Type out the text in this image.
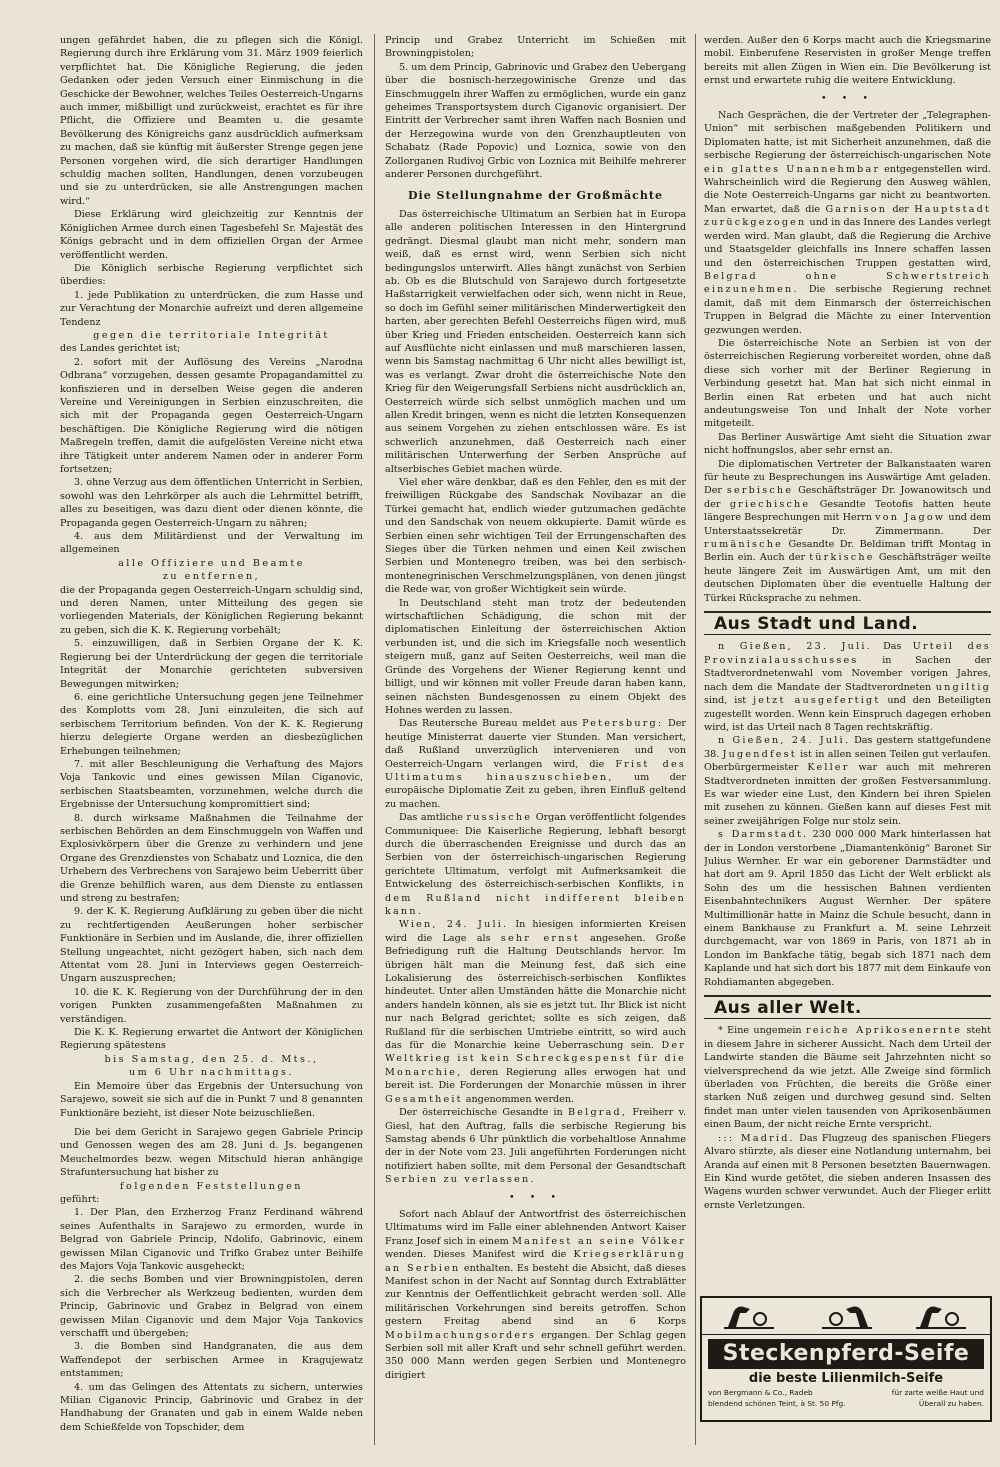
ungen gefährdet haben, die zu pflegen sich die Königl. Regierung durch ihre Erklärung vom 31. März 1909 feierlich verpflichtet hat. Die Königliche Regierung, die jeden Gedanken oder jeden Versuch einer Einmischung in die Geschicke der Bewohner, welches Teiles Oesterreich-Ungarns auch immer, mißbilligt und zurückweist, erachtet es für ihre Pflicht, die Offiziere und Beamten u. die gesamte Bevölkerung des Königreichs ganz ausdrücklich aufmerksam zu machen, daß sie künftig mit äußerster Strenge gegen jene Personen vorgehen wird, die sich derartiger Handlungen schuldig machen sollten, Handlungen, denen vorzubeugen und sie zu unterdrücken, sie alle Anstrengungen machen wird.“

Diese Erklärung wird gleichzeitig zur Kenntnis der Königlichen Armee durch einen Tagesbefehl Sr. Majestät des Königs gebracht und in dem offiziellen Organ der Armee veröffentlicht werden.

Die Königlich serbische Regierung verpflichtet sich überdies:

1. jede Publikation zu unterdrücken, die zum Hasse und zur Verachtung der Monarchie aufreizt und deren allgemeine Tendenz

gegen die territoriale Integrität

des Landes gerichtet ist;

2. sofort mit der Auflösung des Vereins „Narodna Odbrana“ vorzugehen, dessen gesamte Propagandamittel zu konfiszieren und in derselben Weise gegen die anderen Vereine und Vereinigungen in Serbien einzuschreiten, die sich mit der Propaganda gegen Oesterreich-Ungarn beschäftigen. Die Königliche Regierung wird die nötigen Maßregeln treffen, damit die aufgelösten Vereine nicht etwa ihre Tätigkeit unter anderem Namen oder in anderer Form fortsetzen;

3. ohne Verzug aus dem öffentlichen Unterricht in Serbien, sowohl was den Lehrkörper als auch die Lehrmittel betrifft, alles zu beseitigen, was dazu dient oder dienen könnte, die Propaganda gegen Oesterreich-Ungarn zu nähren;

4. aus dem Militärdienst und der Verwaltung im allgemeinen

alle Offiziere und Beamte

zu entfernen,

die der Propaganda gegen Oesterreich-Ungarn schuldig sind, und deren Namen, unter Mitteilung des gegen sie vorliegenden Materials, der Königlichen Regierung bekannt zu geben, sich die K. K. Regierung vorbehält;

5. einzuwilligen, daß in Serbien Organe der K. K. Regierung bei der Unterdrückung der gegen die territoriale Integrität der Monarchie gerichteten subversiven Bewegungen mitwirken;

6. eine gerichtliche Untersuchung gegen jene Teilnehmer des Komplotts vom 28. Juni einzuleiten, die sich auf serbischem Territorium befinden. Von der K. K. Regierung hierzu delegierte Organe werden an diesbezüglichen Erhebungen teilnehmen;

7. mit aller Beschleunigung die Verhaftung des Majors Voja Tankovic und eines gewissen Milan Ciganovic, serbischen Staatsbeamten, vorzunehmen, welche durch die Ergebnisse der Untersuchung kompromittiert sind;

8. durch wirksame Maßnahmen die Teilnahme der serbischen Behörden an dem Einschmuggeln von Waffen und Explosivkörpern über die Grenze zu verhindern und jene Organe des Grenzdienstes von Schabatz und Loznica, die den Urhebern des Verbrechens von Sarajewo beim Ueberritt über die Grenze behilflich waren, aus dem Dienste zu entlassen und streng zu bestrafen;

9. der K. K. Regierung Aufklärung zu geben über die nicht zu rechtfertigenden Aeußerungen hoher serbischer Funktionäre in Serbien und im Auslande, die, ihrer offiziellen Stellung ungeachtet, nicht gezögert haben, sich nach dem Attentat vom 28. Juni in Interviews gegen Oesterreich-Ungarn auszusprechen;

10. die K. K. Regierung von der Durchführung der in den vorigen Punkten zusammengefaßten Maßnahmen zu verständigen.

Die K. K. Regierung erwartet die Antwort der Königlichen Regierung spätestens

bis Samstag, den 25. d. Mts.,

um 6 Uhr nachmittags.

Ein Memoire über das Ergebnis der Untersuchung von Sarajewo, soweit sie sich auf die in Punkt 7 und 8 genannten Funktionäre bezieht, ist dieser Note beizuschließen.

Die bei dem Gericht in Sarajewo gegen Gabriele Princip und Genossen wegen des am 28. Juni d. Js. begangenen Meuchelmordes bezw. wegen Mitschuld hieran anhängige Strafuntersuchung hat bisher zu

folgenden Feststellungen

geführt:

1. Der Plan, den Erzherzog Franz Ferdinand während seines Aufenthalts in Sarajewo zu ermorden, wurde in Belgrad von Gabriele Princip, Ndolifo, Gabrinovic, einem gewissen Milan Ciganovic und Trifko Grabez unter Beihilfe des Majors Voja Tankovic ausgeheckt;

2. die sechs Bomben und vier Browningpistolen, deren sich die Verbrecher als Werkzeug bedienten, wurden dem Princip, Gabrinovic und Grabez in Belgrad von einem gewissen Milan Ciganovic und dem Major Voja Tankovics verschafft und übergeben;

3. die Bomben sind Handgranaten, die aus dem Waffendepot der serbischen Armee in Kragujewatz entstammen;

4. um das Gelingen des Attentats zu sichern, unterwies Milian Ciganovic Princip, Gabrinovic und Grabez in der Handhabung der Granaten und gab in einem Walde neben dem Schießfelde von Topschider, dem

Princip und Grabez Unterricht im Schießen mit Browningpistolen;

5. um dem Princip, Gabrinovic und Grabez den Uebergang über die bosnisch-herzegowinische Grenze und das Einschmuggeln ihrer Waffen zu ermöglichen, wurde ein ganz geheimes Transportsystem durch Ciganovic organisiert. Der Eintritt der Verbrecher samt ihren Waffen nach Bosnien und der Herzegowina wurde von den Grenzhauptleuten von Schabatz (Rade Popovic) und Loznica, sowie von den Zollorganen Rudivoj Grbic von Loznica mit Beihilfe mehrerer anderer Personen durchgeführt.

Die Stellungnahme der Großmächte

Das österreichische Ultimatum an Serbien hat in Europa alle anderen politischen Interessen in den Hintergrund gedrängt. Diesmal glaubt man nicht mehr, sondern man weiß, daß es ernst wird, wenn Serbien sich nicht bedingungslos unterwirft. Alles hängt zunächst von Serbien ab. Ob es die Blutschuld von Sarajewo durch fortgesetzte Haßstarrigkeit verwielfachen oder sich, wenn nicht in Reue, so doch im Gefühl seiner militärischen Minderwertigkeit den harten, aber gerechten Befehl Oesterreichs fügen wird, muß über Krieg und Frieden entscheiden. Oesterreich kann sich auf Ausflüchte nicht einlassen und muß marschieren lassen, wenn bis Samstag nachmittag 6 Uhr nicht alles bewilligt ist, was es verlangt. Zwar droht die österreichische Note den Krieg für den Weigerungsfall Serbiens nicht ausdrücklich an, Oesterreich würde sich selbst unmöglich machen und um allen Kredit bringen, wenn es nicht die letzten Konsequenzen aus seinem Vorgehen zu ziehen entschlossen wäre. Es ist schwerlich anzunehmen, daß Oesterreich nach einer militärischen Unterwerfung der Serben Ansprüche auf altserbisches Gebiet machen würde.

Viel eher wäre denkbar, daß es den Fehler, den es mit der freiwilligen Rückgabe des Sandschak Novibazar an die Türkei gemacht hat, endlich wieder gutzumachen gedächte und den Sandschak von neuem okkupierte. Damit würde es Serbien einen sehr wichtigen Teil der Errungenschaften des Sieges über die Türken nehmen und einen Keil zwischen Serbien und Montenegro treiben, was bei den serbisch-montenegrinischen Verschmelzungsplänen, von denen jüngst die Rede war, von großer Wichtigkeit sein würde.

In Deutschland steht man trotz der bedeutenden wirtschaftlichen Schädigung, die schon mit der diplomatischen Einleitung der österreichischen Aktion verbunden ist, und die sich im Kriegsfalle noch wesentlich steigern muß, ganz auf Seiten Oesterreichs, weil man die Gründe des Vorgehens der Wiener Regierung kennt und billigt, und wir können mit voller Freude daran haben kann, seinen nächsten Bundesgenossen zu einem Objekt des Hohnes werden zu lassen.

Das Reutersche Bureau meldet aus Petersburg: Der heutige Ministerrat dauerte vier Stunden. Man versichert, daß Rußland unverzüglich intervenieren und von Oesterreich-Ungarn verlangen wird, die Frist des Ultimatums hinauszuschieben, um der europäische Diplomatie Zeit zu geben, ihren Einfluß geltend zu machen.

Das amtliche russische Organ veröffentlicht folgendes Communiquee: Die Kaiserliche Regierung, lebhaft besorgt durch die überraschenden Ereignisse und durch das an Serbien von der österreichisch-ungarischen Regierung gerichtete Ultimatum, verfolgt mit Aufmerksamkeit die Entwickelung des österreichisch-serbischen Konflikts, in dem Rußland nicht indifferent bleiben kann.

Wien, 24. Juli. In hiesigen informierten Kreisen wird die Lage als sehr ernst angesehen. Große Befriedigung ruft die Haltung Deutschlands hervor. Im übrigen hält man die Meinung fest, daß sich eine Lokalisierung des österreichisch-serbischen Konfliktes hindeutet. Unter allen Umständen hätte die Monarchie nicht anders handeln können, als sie es jetzt tut. Ihr Blick ist nicht nur nach Belgrad gerichtet; sollte es sich zeigen, daß Rußland für die serbischen Umtriebe eintritt, so wird auch das für die Monarchie keine Ueberraschung sein. Der Weltkrieg ist kein Schreckgespenst für die Monarchie, deren Regierung alles erwogen hat und bereit ist. Die Forderungen der Monarchie müssen in ihrer Gesamtheit angenommen werden.

Der österreichische Gesandte in Belgrad, Freiherr v. Giesl, hat den Auftrag, falls die serbische Regierung bis Samstag abends 6 Uhr pünktlich die vorbehaltlose Annahme der in der Note vom 23. Juli angeführten Forderungen nicht notifiziert haben sollte, mit dem Personal der Gesandtschaft Serbien zu verlassen.

• • •

Sofort nach Ablauf der Antwortfrist des österreichischen Ultimatums wird im Falle einer ablehnenden Antwort Kaiser Franz Josef sich in einem Manifest an seine Völker wenden. Dieses Manifest wird die Kriegserklärung an Serbien enthalten. Es besteht die Absicht, daß dieses Manifest schon in der Nacht auf Sonntag durch Extrablätter zur Kenntnis der Oeffentlichkeit gebracht werden soll. Alle militärischen Vorkehrungen sind bereits getroffen. Schon gestern Freitag abend sind an 6 Korps Mobilmachungsorders ergangen. Der Schlag gegen Serbien soll mit aller Kraft und sehr schnell geführt werden. 350 000 Mann werden gegen Serbien und Montenegro dirigiert

werden. Außer den 6 Korps macht auch die Kriegsmarine mobil. Einberufene Reservisten in großer Menge treffen bereits mit allen Zügen in Wien ein. Die Bevölkerung ist ernst und erwartete ruhig die weitere Entwicklung.

• • •

Nach Gesprächen, die der Vertreter der „Telegraphen-Union“ mit serbischen maßgebenden Politikern und Diplomaten hatte, ist mit Sicherheit anzunehmen, daß die serbische Regierung der österreichisch-ungarischen Note ein glattes Unannehmbar entgegenstellen wird. Wahrscheinlich wird die Regierung den Ausweg wählen, die Note Oesterreich-Ungarns gar nicht zu beantworten. Man erwartet, daß die Garnison der Hauptstadt zurückgezogen und in das Innere des Landes verlegt werden wird. Man glaubt, daß die Regierung die Archive und Staatsgelder gleichfalls ins Innere schaffen lassen und den österreichischen Truppen gestatten wird, Belgrad ohne Schwertstreich einzunehmen. Die serbische Regierung rechnet damit, daß mit dem Einmarsch der österreichischen Truppen in Belgrad die Mächte zu einer Intervention gezwungen werden.

Die österreichische Note an Serbien ist von der österreichischen Regierung vorbereitet worden, ohne daß diese sich vorher mit der Berliner Regierung in Verbindung gesetzt hat. Man hat sich nicht einmal in Berlin einen Rat erbeten und hat auch nicht andeutungsweise Ton und Inhalt der Note vorher mitgeteilt.

Das Berliner Auswärtige Amt sieht die Situation zwar nicht hoffnungslos, aber sehr ernst an.

Die diplomatischen Vertreter der Balkanstaaten waren für heute zu Besprechungen ins Auswärtige Amt geladen. Der serbische Geschäftsträger Dr. Jowanowitsch und der griechische Gesandte Teotofis hatten heute längere Besprechungen mit Herrn von Jagow und dem Unterstaatssekretär Dr. Zimmermann. Der rumänische Gesandte Dr. Beldiman trifft Montag in Berlin ein. Auch der türkische Geschäftsträger weilte heute längere Zeit im Auswärtigen Amt, um mit den deutschen Diplomaten über die eventuelle Haltung der Türkei Rücksprache zu nehmen.

Aus Stadt und Land.

n Gießen, 23. Juli. Das Urteil des Provinzialausschusses in Sachen der Stadtverordnetenwahl vom November vorigen Jahres, nach dem die Mandate der Stadtverordneten ungiltig sind, ist jetzt ausgefertigt und den Beteiligten zugestellt worden. Wenn kein Einspruch dagegen erhoben wird, ist das Urteil nach 8 Tagen rechtskräftig.

n Gießen, 24. Juli. Das gestern stattgefundene 38. Jugendfest ist in allen seinen Teilen gut verlaufen. Oberbürgermeister Keller war auch mit mehreren Stadtverordneten inmitten der großen Festversammlung. Es war wieder eine Lust, den Kindern bei ihren Spielen mit zusehen zu können. Gießen kann auf dieses Fest mit seiner zweijährigen Folge nur stolz sein.

s Darmstadt. 230 000 000 Mark hinterlassen hat der in London verstorbene „Diamantenkönig“ Baronet Sir Julius Wernher. Er war ein geborener Darmstädter und hat dort am 9. April 1850 das Licht der Welt erblickt als Sohn des um die hessischen Bahnen verdienten Eisenbahntechnikers August Wernher. Der spätere Multimillionär hatte in Mainz die Schule besucht, dann in einem Bankhause zu Frankfurt a. M. seine Lehrzeit durchgemacht, war von 1869 in Paris, von 1871 ab in London im Bankfache tätig, begab sich 1871 nach dem Kaplande und hat sich dort bis 1877 mit dem Einkaufe von Rohdiamanten abgegeben.

Aus aller Welt.

* Eine ungemein reiche Aprikosenernte steht in diesem Jahre in sicherer Aussicht. Nach dem Urteil der Landwirte standen die Bäume seit Jahrzehnten nicht so vielversprechend da wie jetzt. Alle Zweige sind förmlich überladen von Früchten, die bereits die Größe einer starken Nuß zeigen und durchweg gesund sind. Selten findet man unter vielen tausenden von Aprikosenbäumen einen Baum, der nicht reiche Ernte verspricht.

::: Madrid. Das Flugzeug des spanischen Fliegers Alvaro stürzte, als dieser eine Notlandung unternahm, bei Aranda auf einen mit 8 Personen besetzten Bauernwagen. Ein Kind wurde getötet, die sieben anderen Insassen des Wagens wurden schwer verwundet. Auch der Flieger erlitt ernste Verletzungen.

Steckenpferd-Seife
die beste Lilienmilch-Seife
von Bergmann & Co., Radeb	für zarte weiße Haut und
blendend schönen Teint, à St. 50 Pfg.	Überall zu haben.
